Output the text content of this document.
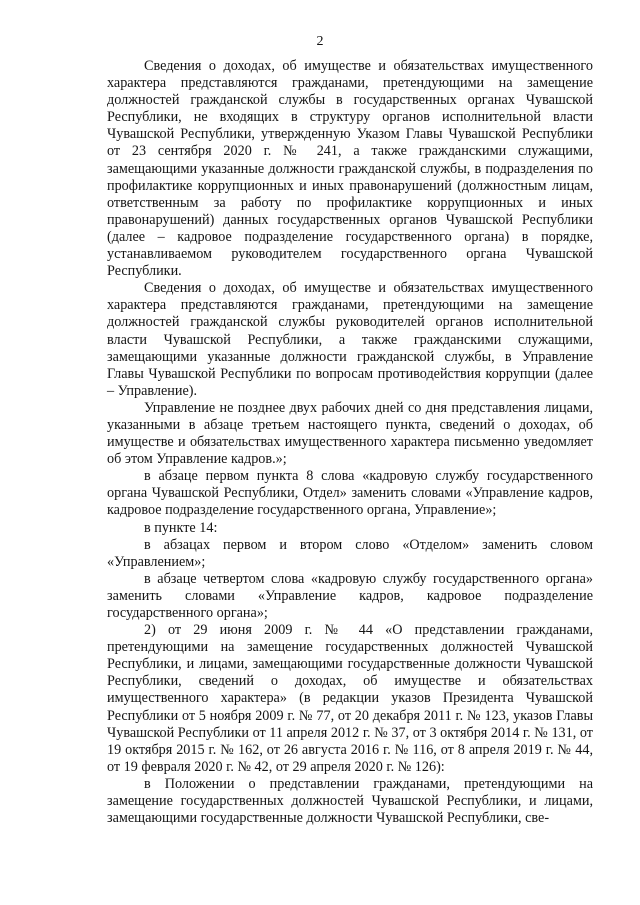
2

Сведения о доходах, об имуществе и обязательствах имущественного характера представляются гражданами, претендующими на замещение должностей гражданской службы в государственных органах Чувашской Республики, не входящих в структуру органов исполнительной власти Чувашской Республики, утвержденную Указом Главы Чувашской Республики от 23 сентября 2020 г. № 241, а также гражданскими служащими, замещающими указанные должности гражданской службы, в подразделения по профилактике коррупционных и иных правонарушений (должностным лицам, ответственным за работу по профилактике коррупционных и иных правонарушений) данных государственных органов Чувашской Республики (далее – кадровое подразделение государственного органа) в порядке, устанавливаемом руководителем государственного органа Чувашской Республики.

Сведения о доходах, об имуществе и обязательствах имущественного характера представляются гражданами, претендующими на замещение должностей гражданской службы руководителей органов исполнительной власти Чувашской Республики, а также гражданскими служащими, замещающими указанные должности гражданской службы, в Управление Главы Чувашской Республики по вопросам противодействия коррупции (далее – Управление).

Управление не позднее двух рабочих дней со дня представления лицами, указанными в абзаце третьем настоящего пункта, сведений о доходах, об имуществе и обязательствах имущественного характера письменно уведомляет об этом Управление кадров.»;

в абзаце первом пункта 8 слова «кадровую службу государственного органа Чувашской Республики, Отдел» заменить словами «Управление кадров, кадровое подразделение государственного органа, Управление»;

в пункте 14:

в абзацах первом и втором слово «Отделом» заменить словом «Управлением»;

в абзаце четвертом слова «кадровую службу государственного органа» заменить словами «Управление кадров, кадровое подразделение государственного органа»;

2) от 29 июня 2009 г. № 44 «О представлении гражданами, претендующими на замещение государственных должностей Чувашской Республики, и лицами, замещающими государственные должности Чувашской Республики, сведений о доходах, об имуществе и обязательствах имущественного характера» (в редакции указов Президента Чувашской Республики от 5 ноября 2009 г. № 77, от 20 декабря 2011 г. № 123, указов Главы Чувашской Республики от 11 апреля 2012 г. № 37, от 3 октября 2014 г. № 131, от 19 октября 2015 г. № 162, от 26 августа 2016 г. № 116, от 8 апреля 2019 г. № 44, от 19 февраля 2020 г. № 42, от 29 апреля 2020 г. № 126):

в Положении о представлении гражданами, претендующими на замещение государственных должностей Чувашской Республики, и лицами, замещающими государственные должности Чувашской Республики, све-
